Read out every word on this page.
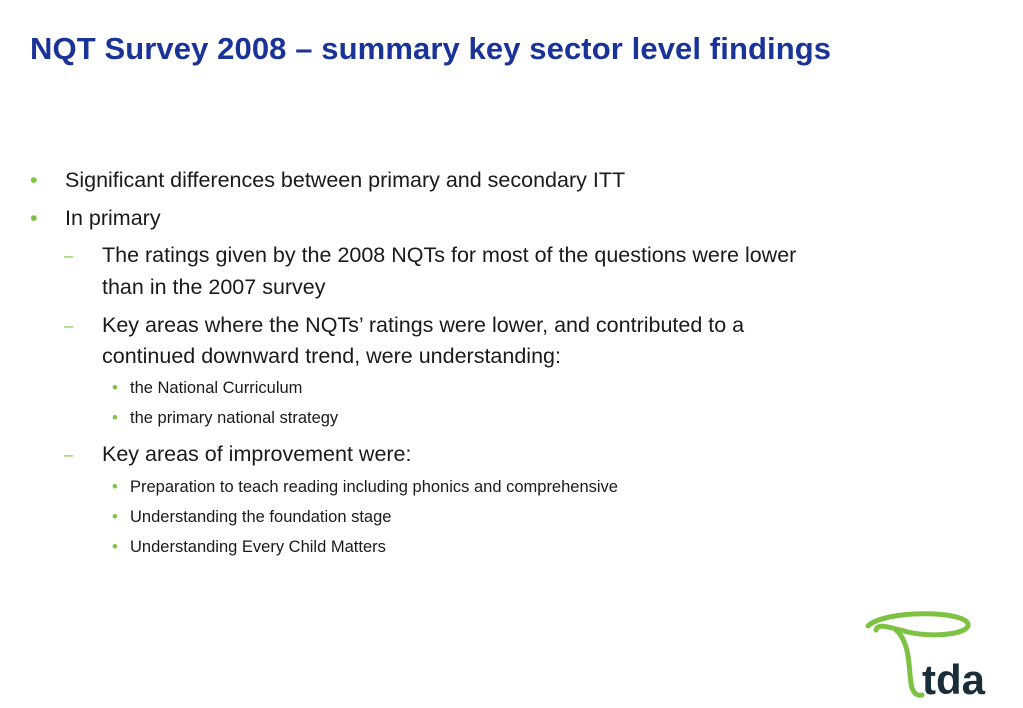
NQT Survey 2008 – summary key sector level findings
• Significant differences between primary and secondary ITT
• In primary
– The ratings given by the 2008 NQTs for most of the questions were lower
than in the 2007 survey
– Key areas where the NQTs’ ratings were lower, and contributed to a
continued downward trend, were understanding:
• the National Curriculum
• the primary national strategy
– Key areas of improvement were:
• Preparation to teach reading including phonics and comprehensive
• Understanding the foundation stage
• Understanding Every Child Matters
tda
